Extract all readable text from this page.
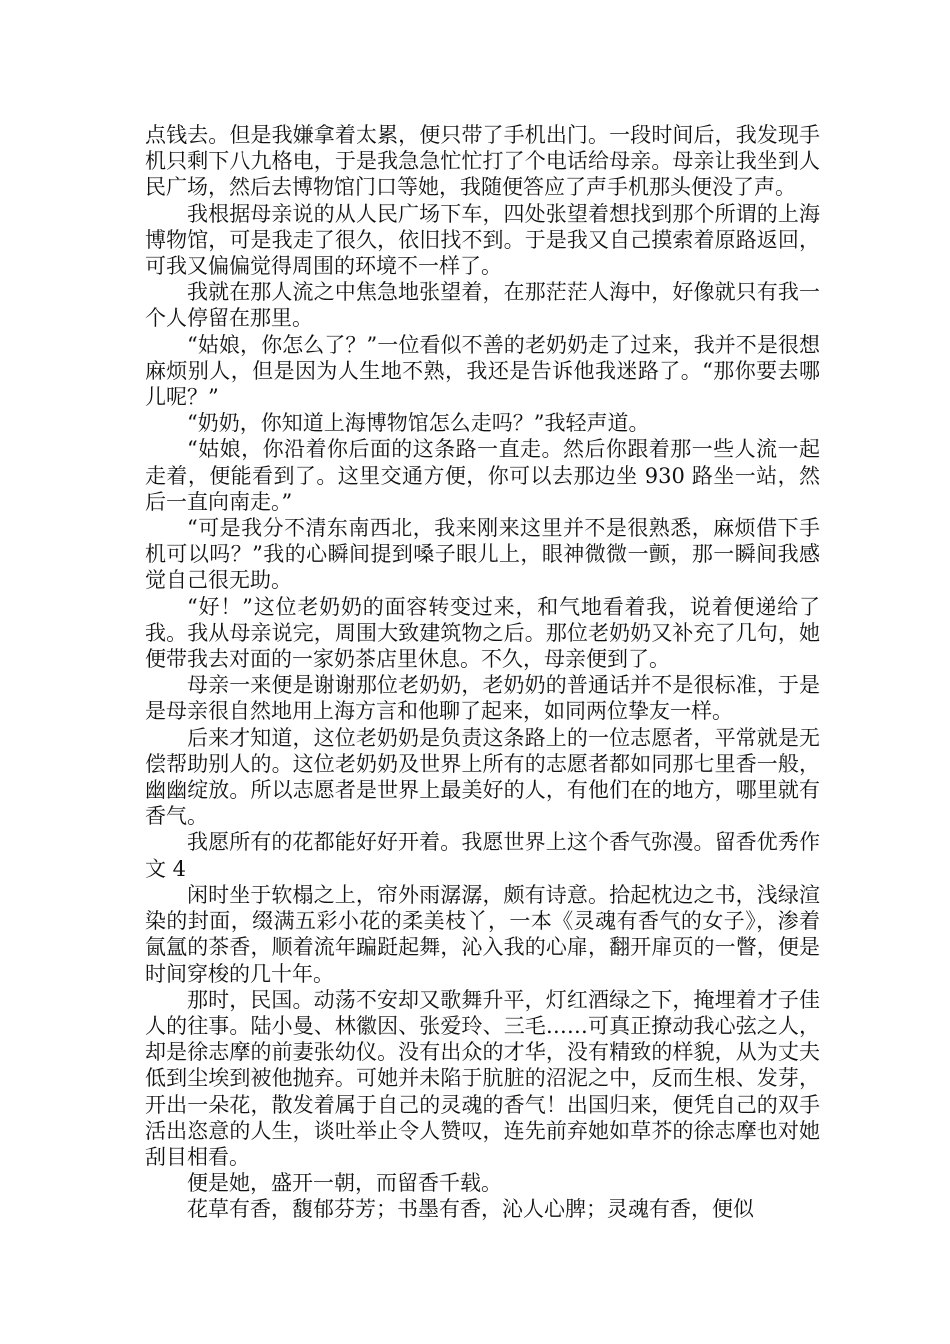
点钱去。但是我嫌拿着太累，便只带了手机出门。一段时间后，我发现手机只剩下八九格电，于是我急急忙忙打了个电话给母亲。母亲让我坐到人民广场，然后去博物馆门口等她，我随便答应了声手机那头便没了声。

我根据母亲说的从人民广场下车，四处张望着想找到那个所谓的上海博物馆，可是我走了很久，依旧找不到。于是我又自己摸索着原路返回，可我又偏偏觉得周围的环境不一样了。

我就在那人流之中焦急地张望着，在那茫茫人海中，好像就只有我一个人停留在那里。

“姑娘，你怎么了？”一位看似不善的老奶奶走了过来，我并不是很想麻烦别人，但是因为人生地不熟，我还是告诉他我迷路了。“那你要去哪儿呢？”

“奶奶，你知道上海博物馆怎么走吗？”我轻声道。

“姑娘，你沿着你后面的这条路一直走。然后你跟着那一些人流一起走着，便能看到了。这里交通方便，你可以去那边坐 930 路坐一站，然后一直向南走。”

“可是我分不清东南西北，我来刚来这里并不是很熟悉，麻烦借下手机可以吗？”我的心瞬间提到嗓子眼儿上，眼神微微一颤，那一瞬间我感觉自己很无助。

“好！”这位老奶奶的面容转变过来，和气地看着我，说着便递给了我。我从母亲说完，周围大致建筑物之后。那位老奶奶又补充了几句，她便带我去对面的一家奶茶店里休息。不久，母亲便到了。

母亲一来便是谢谢那位老奶奶，老奶奶的普通话并不是很标准，于是是母亲很自然地用上海方言和他聊了起来，如同两位挚友一样。

后来才知道，这位老奶奶是负责这条路上的一位志愿者，平常就是无偿帮助别人的。这位老奶奶及世界上所有的志愿者都如同那七里香一般，幽幽绽放。所以志愿者是世界上最美好的人，有他们在的地方，哪里就有香气。

我愿所有的花都能好好开着。我愿世界上这个香气弥漫。留香优秀作文 4

闲时坐于软榻之上，帘外雨潺潺，颇有诗意。拾起枕边之书，浅绿渲染的封面，缀满五彩小花的柔美枝丫，一本《灵魂有香气的女子》，渗着氤氲的茶香，顺着流年蹁跹起舞，沁入我的心扉，翻开扉页的一瞥，便是时间穿梭的几十年。

那时，民国。动荡不安却又歌舞升平，灯红酒绿之下，掩埋着才子佳人的往事。陆小曼、林徽因、张爱玲、三毛……可真正撩动我心弦之人，却是徐志摩的前妻张幼仪。没有出众的才华，没有精致的样貌，从为丈夫低到尘埃到被他抛弃。可她并未陷于肮脏的沼泥之中，反而生根、发芽，开出一朵花，散发着属于自己的灵魂的香气！出国归来，便凭自己的双手活出恣意的人生，谈吐举止令人赞叹，连先前弃她如草芥的徐志摩也对她刮目相看。

便是她，盛开一朝，而留香千载。

花草有香，馥郁芬芳；书墨有香，沁人心脾；灵魂有香，便似
